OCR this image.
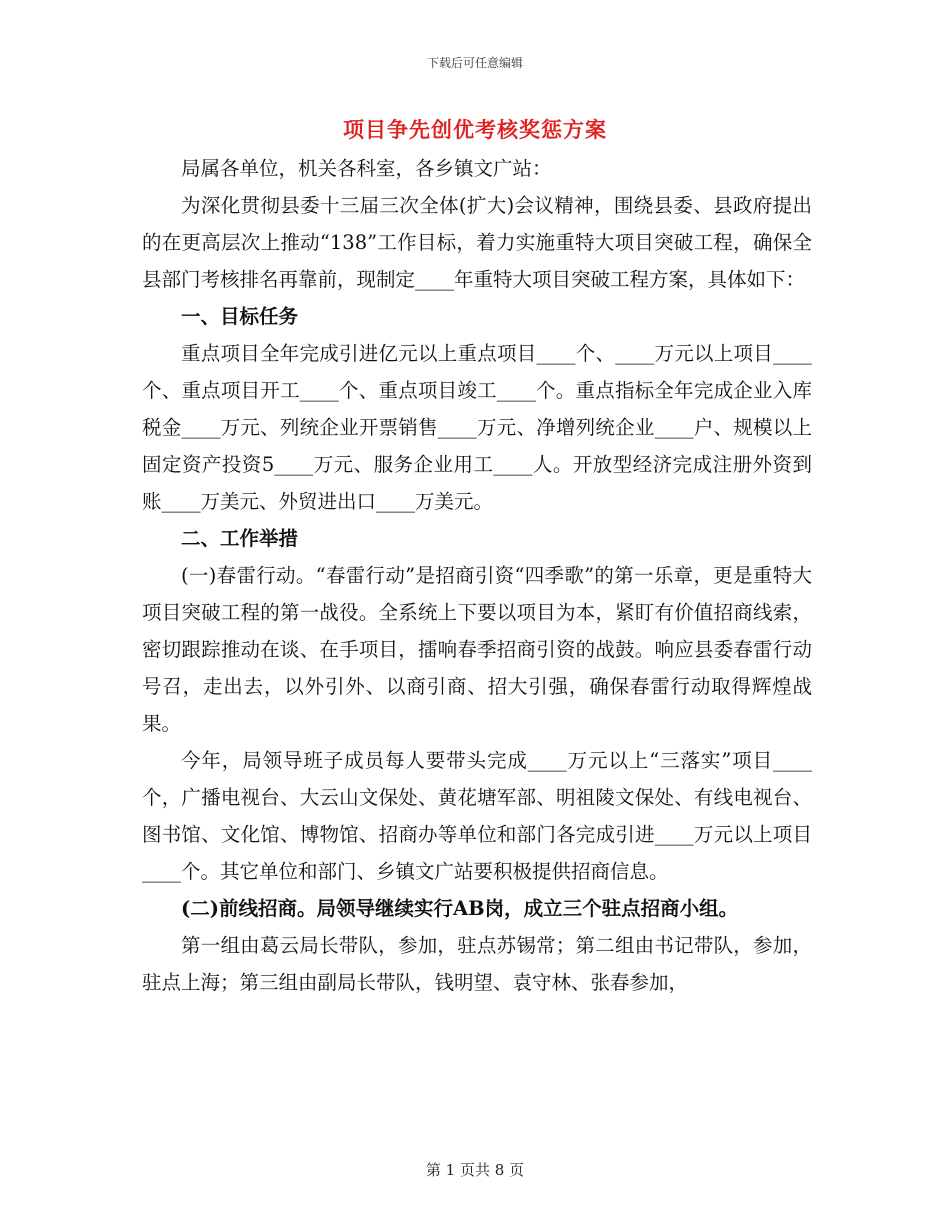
下载后可任意编辑
项目争先创优考核奖惩方案

局属各单位，机关各科室，各乡镇文广站：

为深化贯彻县委十三届三次全体(扩大)会议精神，围绕县委、县政府提出的在更高层次上推动“138”工作目标，着力实施重特大项目突破工程，确保全县部门考核排名再靠前，现制定____年重特大项目突破工程方案，具体如下：

一、目标任务

重点项目全年完成引进亿元以上重点项目____个、____万元以上项目____个、重点项目开工____个、重点项目竣工____个。重点指标全年完成企业入库税金____万元、列统企业开票销售____万元、净增列统企业____户、规模以上固定资产投资5____万元、服务企业用工____人。开放型经济完成注册外资到账____万美元、外贸进出口____万美元。

二、工作举措

(一)春雷行动。“春雷行动”是招商引资“四季歌”的第一乐章，更是重特大项目突破工程的第一战役。全系统上下要以项目为本，紧盯有价值招商线索，密切跟踪推动在谈、在手项目，擂响春季招商引资的战鼓。响应县委春雷行动号召，走出去，以外引外、以商引商、招大引强，确保春雷行动取得辉煌战果。

今年，局领导班子成员每人要带头完成____万元以上“三落实”项目____个，广播电视台、大云山文保处、黄花塘军部、明祖陵文保处、有线电视台、图书馆、文化馆、博物馆、招商办等单位和部门各完成引进____万元以上项目____个。其它单位和部门、乡镇文广站要积极提供招商信息。

(二)前线招商。局领导继续实行AB岗，成立三个驻点招商小组。

第一组由葛云局长带队，参加，驻点苏锡常；第二组由书记带队，参加，驻点上海；第三组由副局长带队，钱明望、袁守林、张春参加，

第 1 页共 8 页
